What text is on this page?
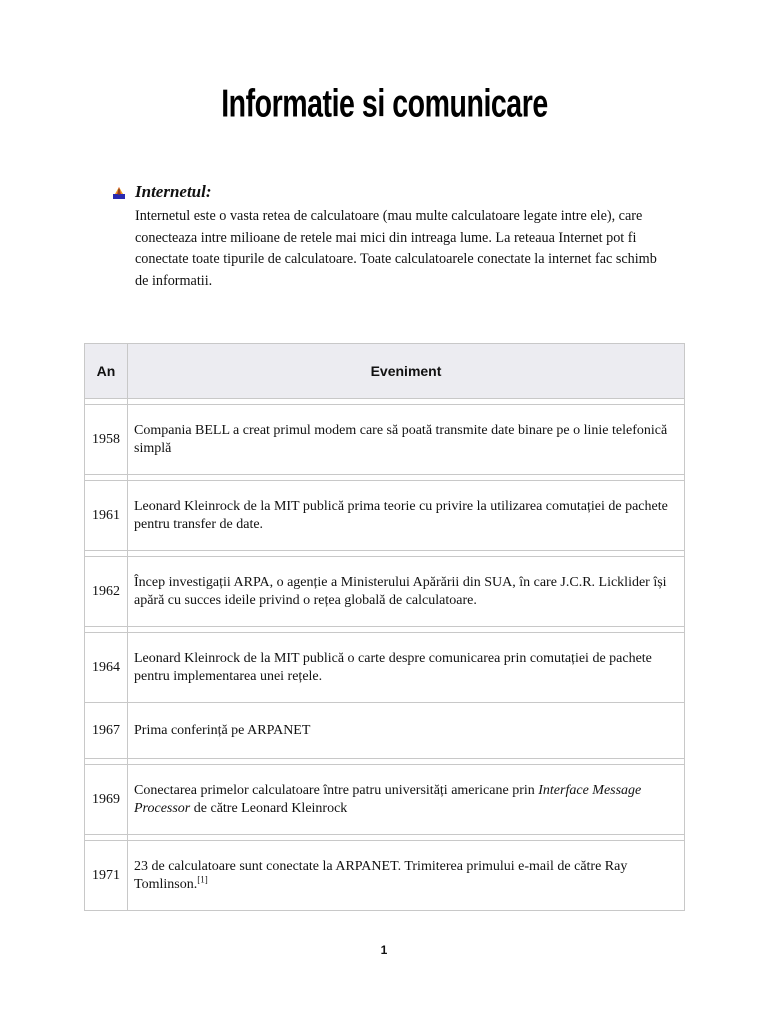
Informatie si comunicare
Internetul:
Internetul este o vasta retea de calculatoare (mau multe calculatoare legate intre ele), care conecteaza intre milioane de retele mai mici din intreaga lume. La reteaua Internet pot fi conectate toate tipurile de calculatoare. Toate calculatoarele conectate la internet fac schimb de informatii.
An	Eveniment

1958	Compania BELL a creat primul modem care să poată transmite date binare pe o linie telefonică simplă

1961	Leonard Kleinrock de la MIT publică prima teorie cu privire la utilizarea comutației de pachete pentru transfer de date.

1962	Încep investigații ARPA, o agenție a Ministerului Apărării din SUA, în care J.C.R. Licklider își apără cu succes ideile privind o rețea globală de calculatoare.

1964	Leonard Kleinrock de la MIT publică o carte despre comunicarea prin comutației de pachete pentru implementarea unei rețele.
1967	Prima conferință pe ARPANET

1969	Conectarea primelor calculatoare între patru universități americane prin Interface Message Processor de către Leonard Kleinrock

1971	23 de calculatoare sunt conectate la ARPANET. Trimiterea primului e-mail de către Ray Tomlinson.[1]
1
